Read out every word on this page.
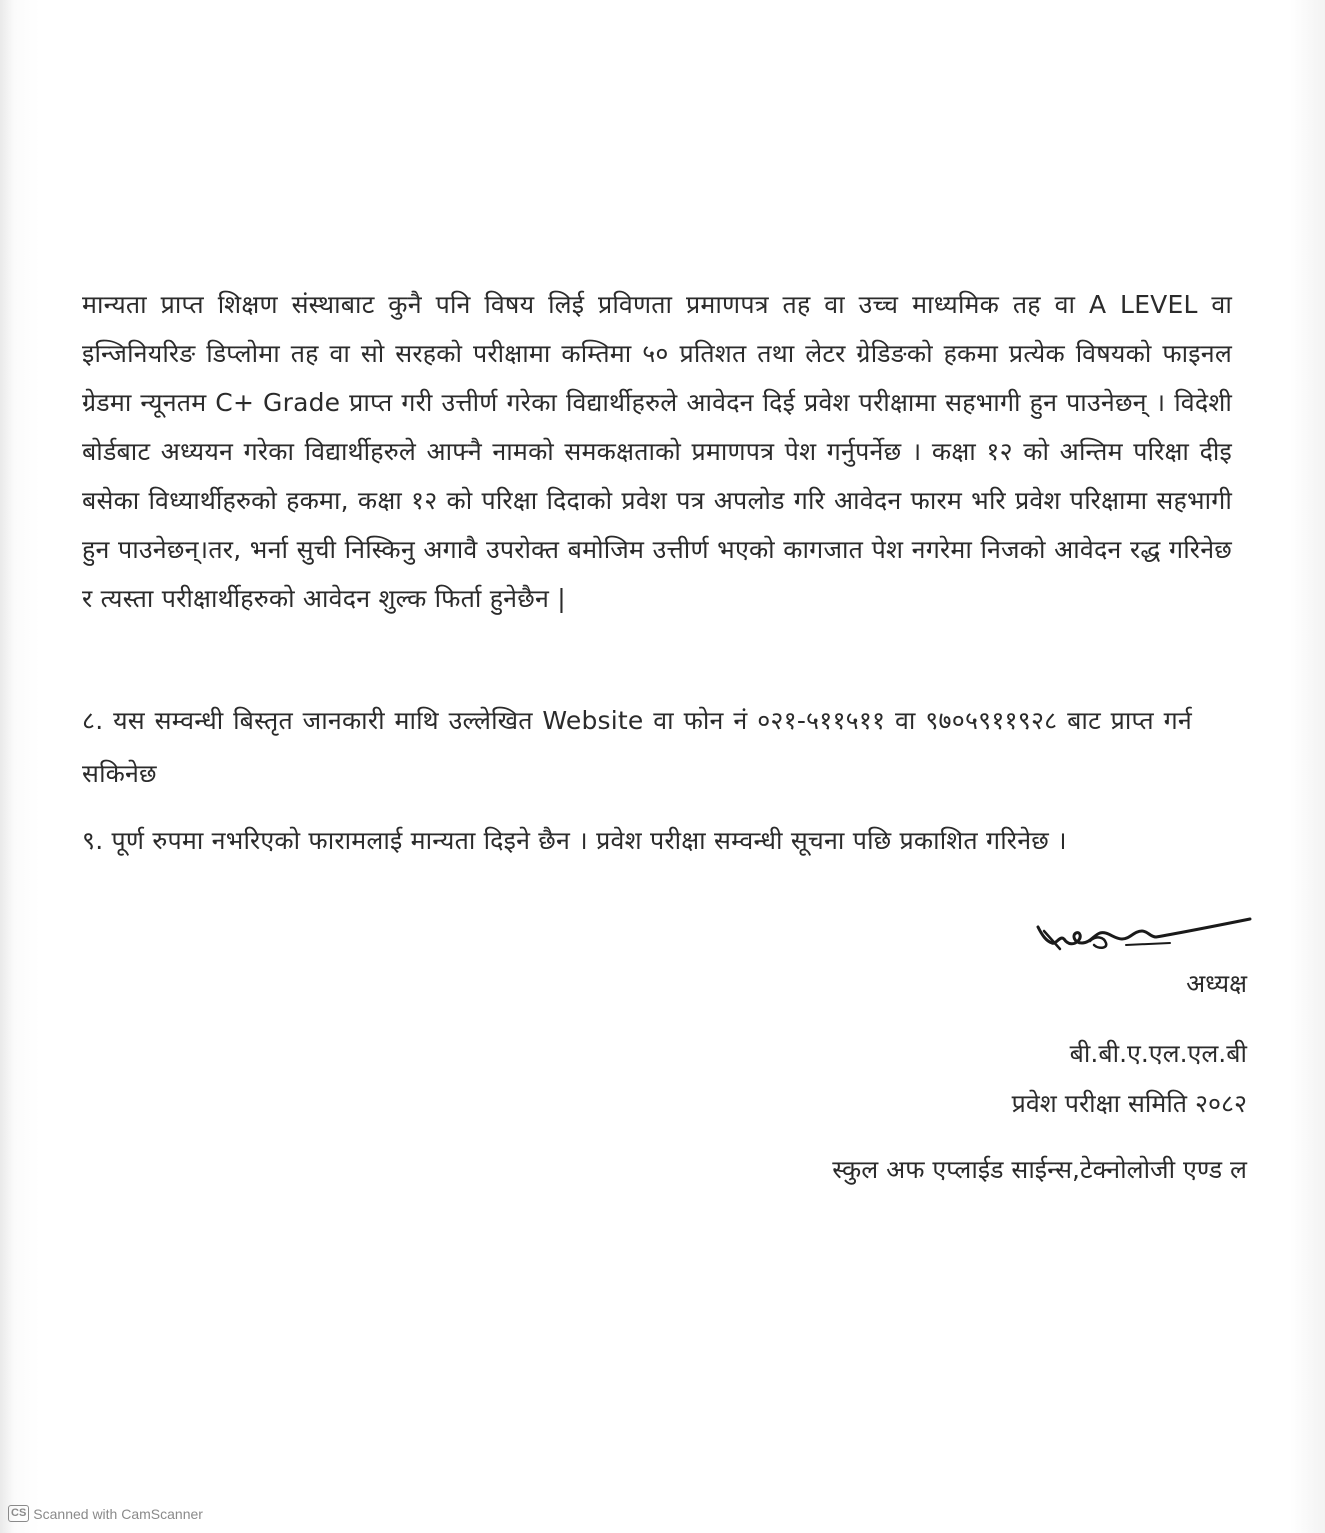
मान्यता प्राप्त शिक्षण संस्थाबाट कुनै पनि विषय लिई प्रविणता प्रमाणपत्र तह वा उच्च माध्यमिक तह वा A LEVEL वा इन्जिनियरिङ डिप्लोमा तह वा सो सरहको परीक्षामा कम्तिमा ५० प्रतिशत तथा लेटर ग्रेडिङको हकमा प्रत्येक विषयको फाइनल ग्रेडमा न्यूनतम C+ Grade प्राप्त गरी उत्तीर्ण गरेका विद्यार्थीहरुले आवेदन दिई प्रवेश परीक्षामा सहभागी हुन पाउनेछन् । विदेशी बोर्डबाट अध्ययन गरेका विद्यार्थीहरुले आफ्नै नामको समकक्षताको प्रमाणपत्र पेश गर्नुपर्नेछ । कक्षा १२ को अन्तिम परिक्षा दीइ बसेका विध्यार्थीहरुको हकमा, कक्षा १२ को परिक्षा दिदाको प्रवेश पत्र अपलोड गरि आवेदन फारम भरि प्रवेश परिक्षामा सहभागी हुन पाउनेछन्।तर, भर्ना सुची निस्किनु अगावै उपरोक्त बमोजिम उत्तीर्ण भएको कागजात पेश नगरेमा निजको आवेदन रद्ध गरिनेछ र त्यस्ता परीक्षार्थीहरुको आवेदन शुल्क फिर्ता हुनेछैन |

८. यस सम्वन्धी बिस्तृत जानकारी माथि उल्लेखित Website वा फोन नं ०२१-५११५११ वा ९७०५९११९२८ बाट प्राप्त गर्न सकिनेछ

९. पूर्ण रुपमा नभरिएको फारामलाई मान्यता दिइने छैन । प्रवेश परीक्षा सम्वन्धी सूचना पछि प्रकाशित गरिनेछ ।

अध्यक्ष
बी.बी.ए.एल.एल.बी
प्रवेश परीक्षा समिति २०८२
स्कुल अफ एप्लाईड साईन्स,टेक्नोलोजी एण्ड ल
CS Scanned with CamScanner
